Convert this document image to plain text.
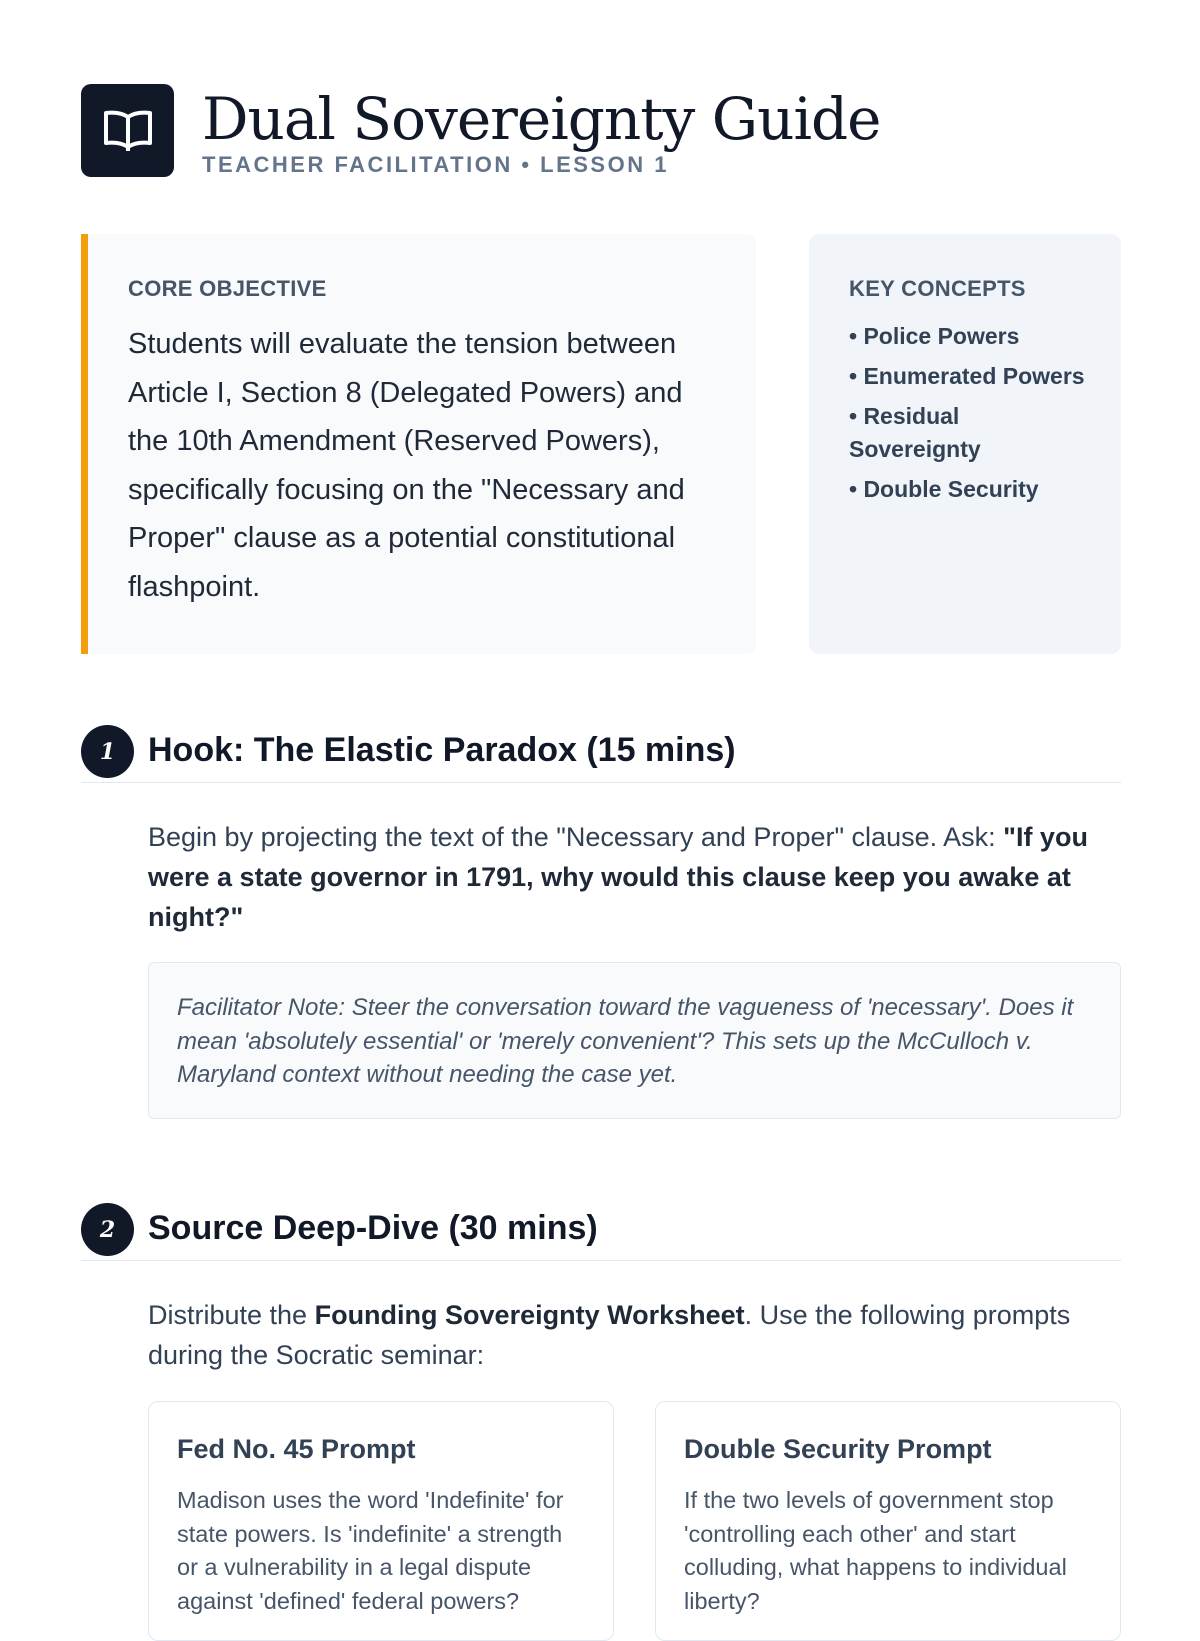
Dual Sovereignty Guide
TEACHER FACILITATION • LESSON 1
CORE OBJECTIVE

Students will evaluate the tension between Article I, Section 8 (Delegated Powers) and the 10th Amendment (Reserved Powers), specifically focusing on the "Necessary and Proper" clause as a potential constitutional flashpoint.

KEY CONCEPTS
• Police Powers
• Enumerated Powers
• Residual Sovereignty
• Double Security
1 Hook: The Elastic Paradox (15 mins)

Begin by projecting the text of the "Necessary and Proper" clause. Ask: "If you were a state governor in 1791, why would this clause keep you awake at night?"

Facilitator Note: Steer the conversation toward the vagueness of 'necessary'. Does it mean 'absolutely essential' or 'merely convenient'? This sets up the McCulloch v. Maryland context without needing the case yet.
2 Source Deep-Dive (30 mins)

Distribute the Founding Sovereignty Worksheet. Use the following prompts during the Socratic seminar:

Fed No. 45 Prompt

Madison uses the word 'Indefinite' for state powers. Is 'indefinite' a strength or a vulnerability in a legal dispute against 'defined' federal powers?

Double Security Prompt

If the two levels of government stop 'controlling each other' and start colluding, what happens to individual liberty?
